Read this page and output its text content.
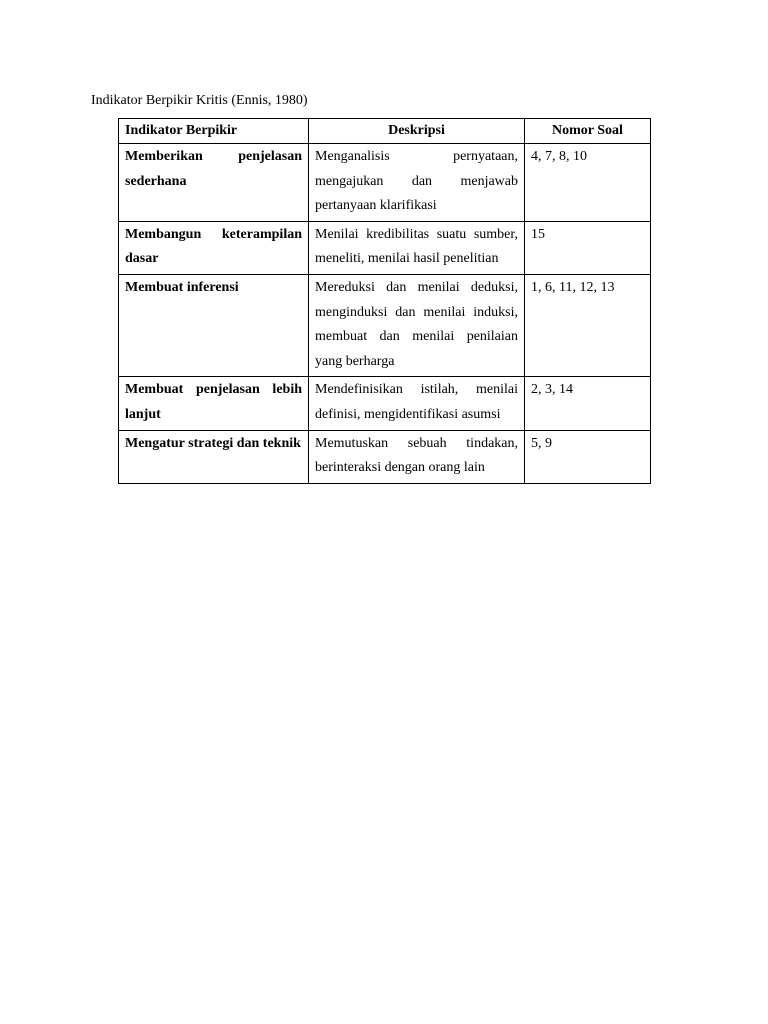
Indikator Berpikir Kritis (Ennis, 1980)
Indikator Berpikir	Deskripsi	Nomor Soal
Memberikan penjelasan sederhana	Menganalisis pernyataan, mengajukan dan menjawab pertanyaan klarifikasi	4, 7, 8, 10
Membangun keterampilan dasar	Menilai kredibilitas suatu sumber, meneliti, menilai hasil penelitian	15
Membuat inferensi	Mereduksi dan menilai deduksi, menginduksi dan menilai induksi, membuat dan menilai penilaian yang berharga	1, 6, 11, 12, 13
Membuat penjelasan lebih lanjut	Mendefinisikan istilah, menilai definisi, mengidentifikasi asumsi	2, 3, 14
Mengatur strategi dan teknik	Memutuskan sebuah tindakan, berinteraksi dengan orang lain	5, 9
